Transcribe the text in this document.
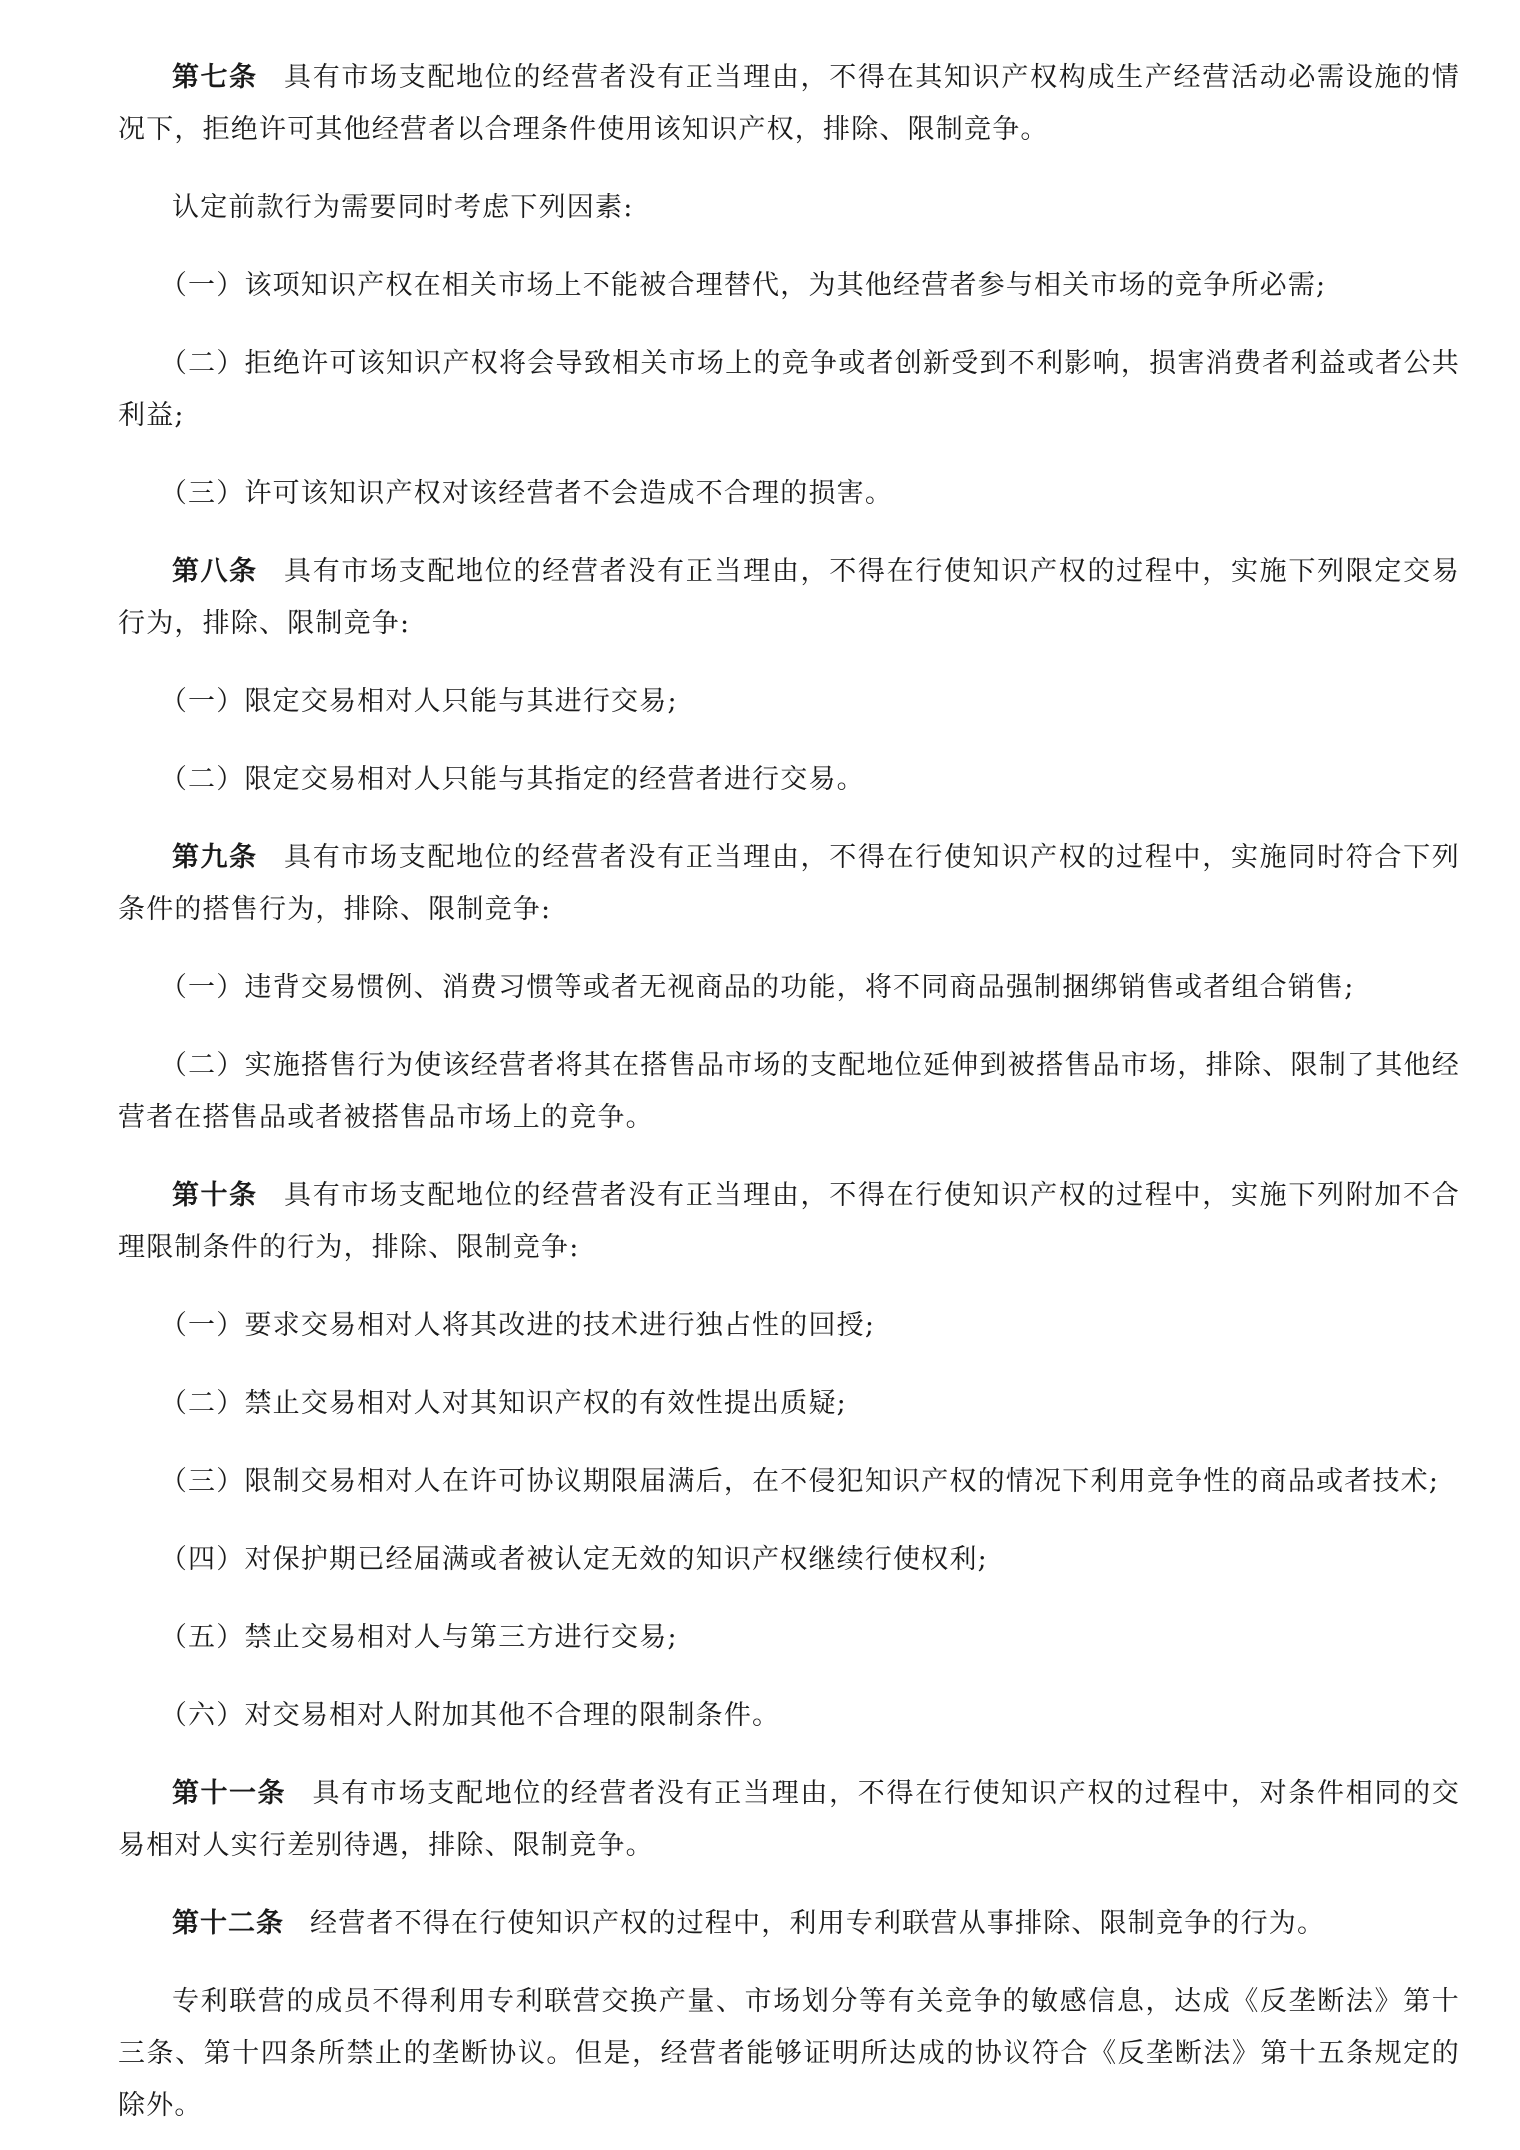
第七条 具有市场支配地位的经营者没有正当理由，不得在其知识产权构成生产经营活动必需设施的情况下，拒绝许可其他经营者以合理条件使用该知识产权，排除、限制竞争。

认定前款行为需要同时考虑下列因素:

（一）该项知识产权在相关市场上不能被合理替代，为其他经营者参与相关市场的竞争所必需;

（二）拒绝许可该知识产权将会导致相关市场上的竞争或者创新受到不利影响，损害消费者利益或者公共利益;

（三）许可该知识产权对该经营者不会造成不合理的损害。

第八条 具有市场支配地位的经营者没有正当理由，不得在行使知识产权的过程中，实施下列限定交易行为，排除、限制竞争:

（一）限定交易相对人只能与其进行交易;

（二）限定交易相对人只能与其指定的经营者进行交易。

第九条 具有市场支配地位的经营者没有正当理由，不得在行使知识产权的过程中，实施同时符合下列条件的搭售行为，排除、限制竞争:

（一）违背交易惯例、消费习惯等或者无视商品的功能，将不同商品强制捆绑销售或者组合销售;

（二）实施搭售行为使该经营者将其在搭售品市场的支配地位延伸到被搭售品市场，排除、限制了其他经营者在搭售品或者被搭售品市场上的竞争。

第十条 具有市场支配地位的经营者没有正当理由，不得在行使知识产权的过程中，实施下列附加不合理限制条件的行为，排除、限制竞争:

（一）要求交易相对人将其改进的技术进行独占性的回授;

（二）禁止交易相对人对其知识产权的有效性提出质疑;

（三）限制交易相对人在许可协议期限届满后，在不侵犯知识产权的情况下利用竞争性的商品或者技术;

（四）对保护期已经届满或者被认定无效的知识产权继续行使权利;

（五）禁止交易相对人与第三方进行交易;

（六）对交易相对人附加其他不合理的限制条件。

第十一条 具有市场支配地位的经营者没有正当理由，不得在行使知识产权的过程中，对条件相同的交易相对人实行差别待遇，排除、限制竞争。

第十二条 经营者不得在行使知识产权的过程中，利用专利联营从事排除、限制竞争的行为。

专利联营的成员不得利用专利联营交换产量、市场划分等有关竞争的敏感信息，达成《反垄断法》第十三条、第十四条所禁止的垄断协议。但是，经营者能够证明所达成的协议符合《反垄断法》第十五条规定的除外。
